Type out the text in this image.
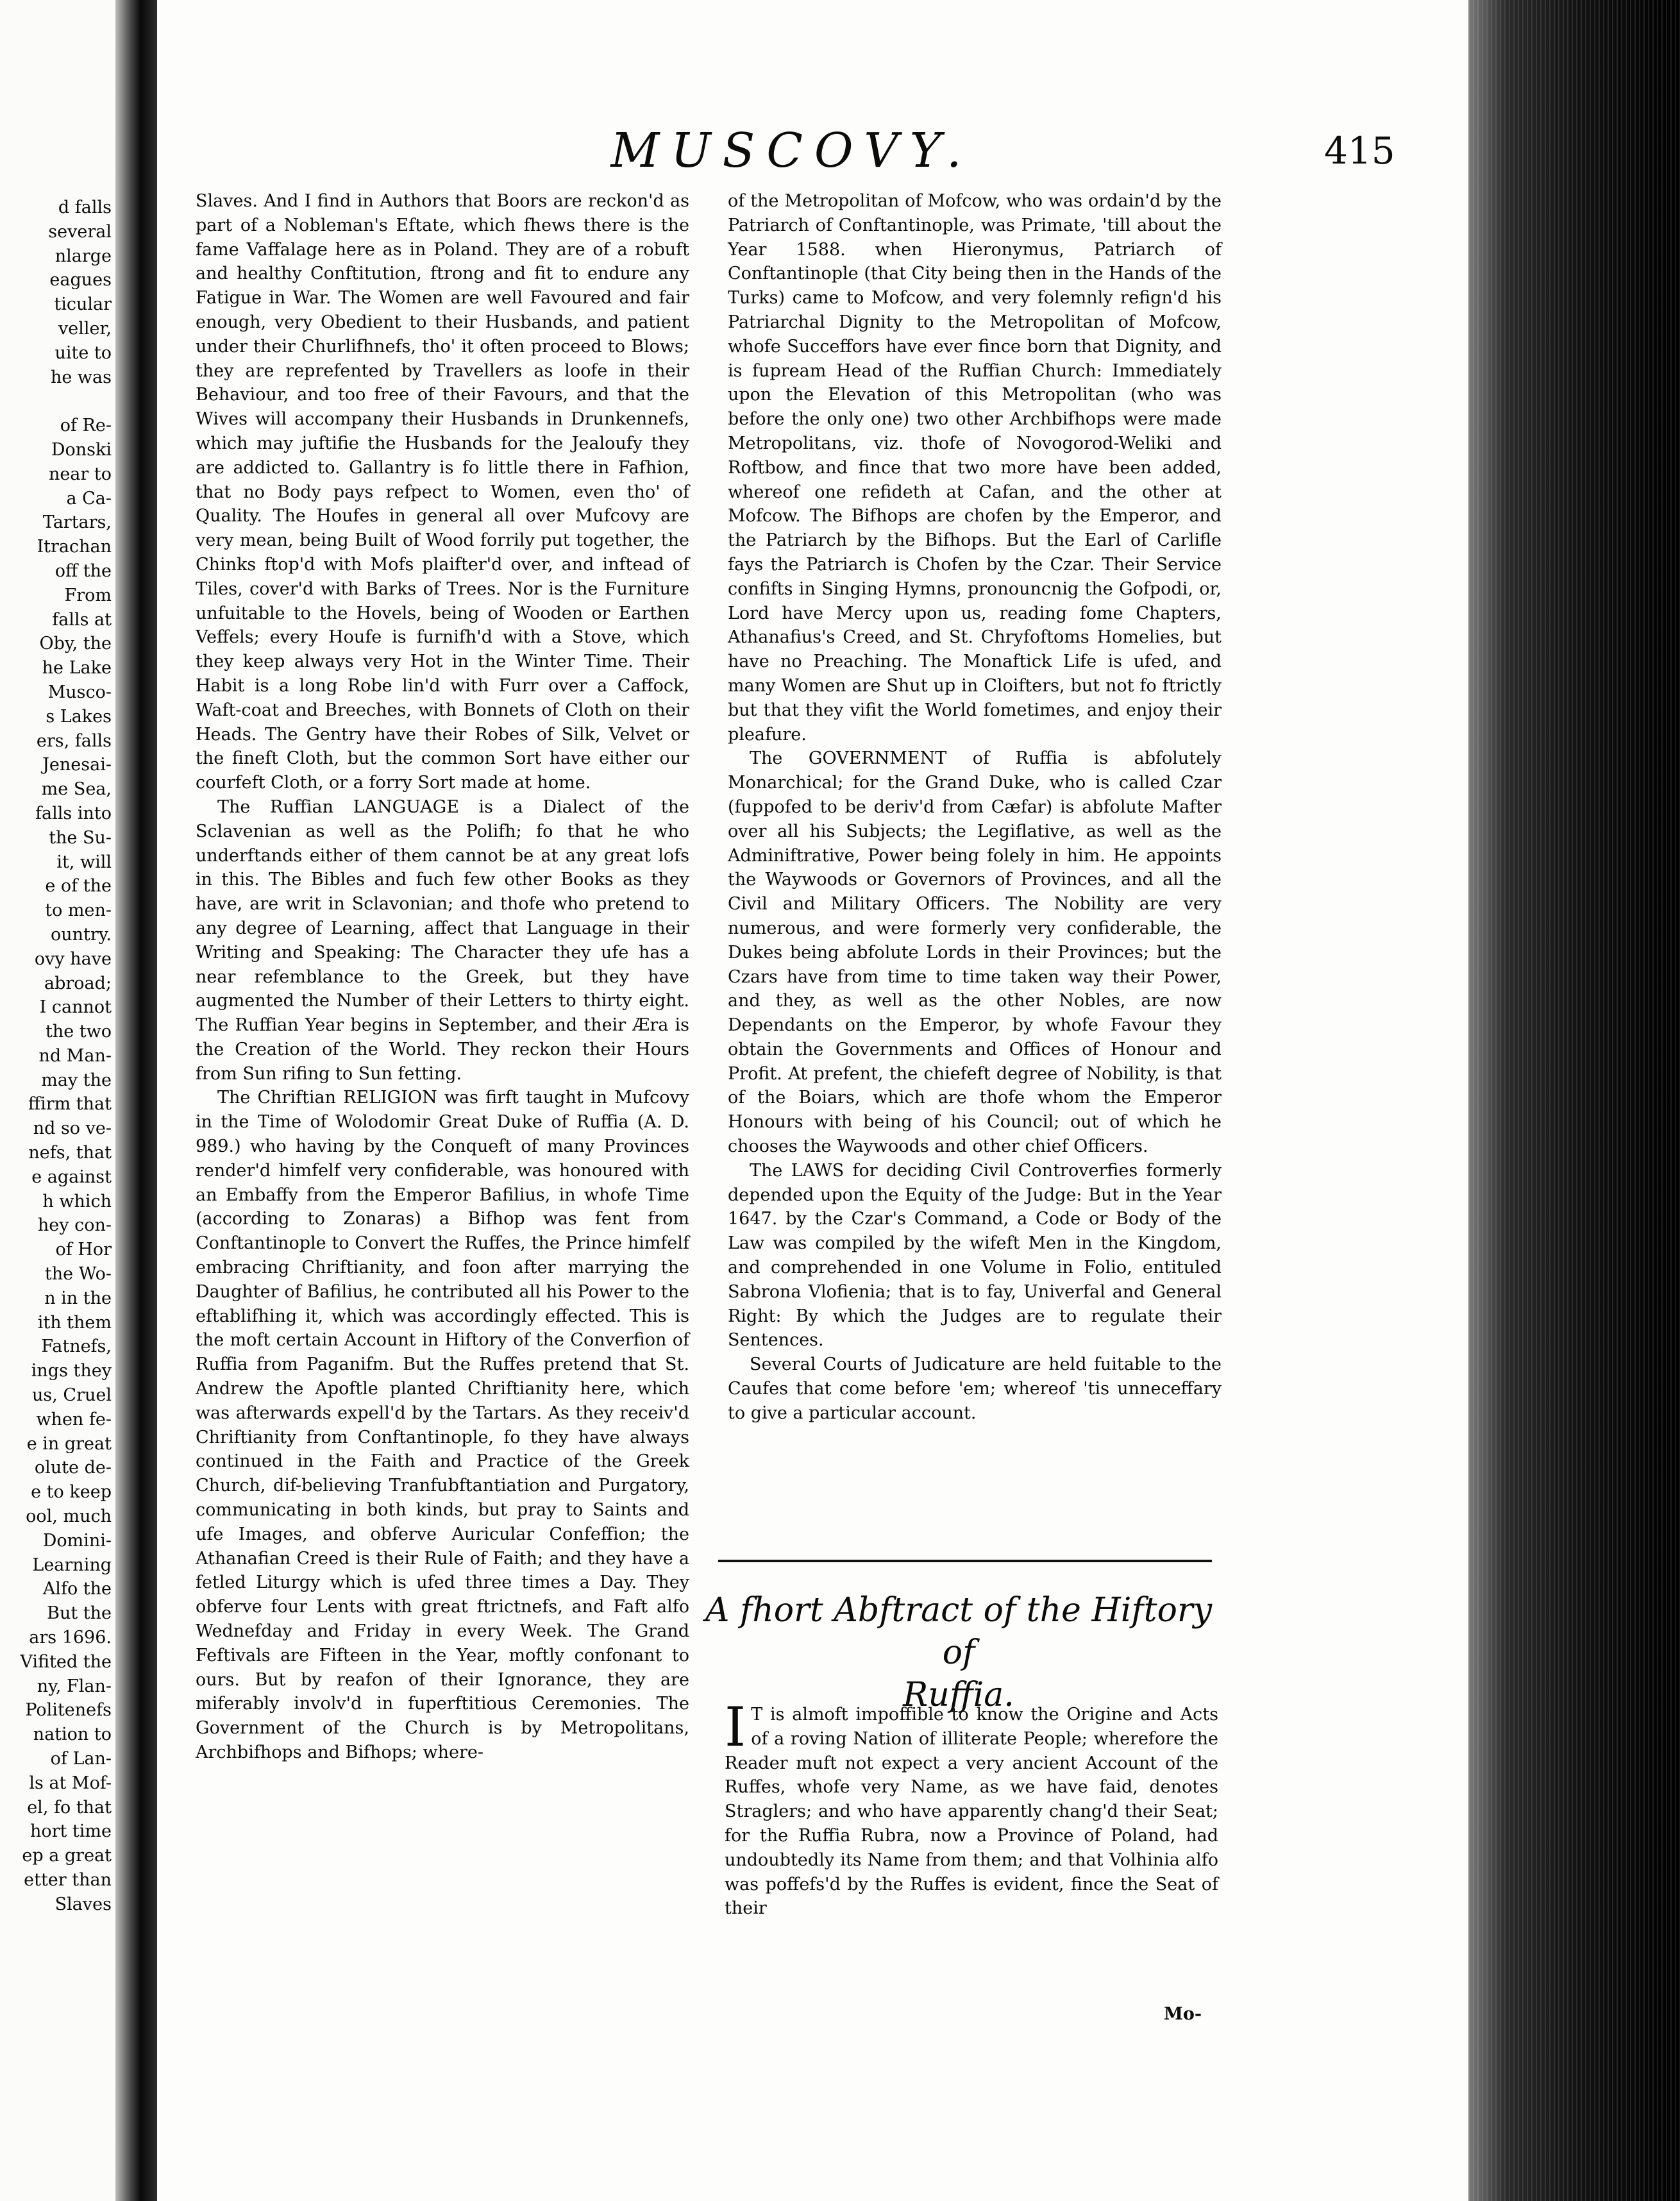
d falls
several
nlarge
eagues
ticular
veller,
uite to
he was

of Re-
Donski
near to
a Ca-
Tartars,
Itrachan
off the
From
falls at
Oby, the
he Lake
Musco-
s Lakes
ers, falls
Jenesai-
me Sea,
falls into
the Su-
it, will
e of the
to men-
ountry.
ovy have
abroad;
I cannot
the two
nd Man-
may the
ffirm that
nd so ve-
nefs, that
e against
h which
hey con-
of Hor
the Wo-
n in the
ith them
Fatnefs,
ings they
us, Cruel
when fe-
e in great
olute de-
e to keep
ool, much
Domini-
Learning
Alfo the
But the
ars 1696.
Vifited the
ny, Flan-
Politenefs
nation to
of Lan-
ls at Mof-
el, fo that
hort time
ep a great
etter than
Slaves
MUSCOVY.	415

Slaves. And I find in Authors that Boors are reckon'd as part of a Nobleman's Eftate, which fhews there is the fame Vaffalage here as in Poland. They are of a robuft and healthy Conftitution, ftrong and fit to endure any Fatigue in War. The Women are well Favoured and fair enough, very Obedient to their Husbands, and patient under their Churlifhnefs, tho' it often proceed to Blows; they are reprefented by Travellers as loofe in their Behaviour, and too free of their Favours, and that the Wives will accompany their Husbands in Drunkennefs, which may juftifie the Husbands for the Jealoufy they are addicted to. Gallantry is fo little there in Fafhion, that no Body pays refpect to Women, even tho' of Quality. The Houfes in general all over Mufcovy are very mean, being Built of Wood forrily put together, the Chinks ftop'd with Mofs plaifter'd over, and inftead of Tiles, cover'd with Barks of Trees. Nor is the Furniture unfuitable to the Hovels, being of Wooden or Earthen Veffels; every Houfe is furnifh'd with a Stove, which they keep always very Hot in the Winter Time. Their Habit is a long Robe lin'd with Furr over a Caffock, Waft-coat and Breeches, with Bonnets of Cloth on their Heads. The Gentry have their Robes of Silk, Velvet or the fineft Cloth, but the common Sort have either our courfeft Cloth, or a forry Sort made at home.

The Ruffian LANGUAGE is a Dialect of the Sclavenian as well as the Polifh; fo that he who underftands either of them cannot be at any great lofs in this. The Bibles and fuch few other Books as they have, are writ in Sclavonian; and thofe who pretend to any degree of Learning, affect that Language in their Writing and Speaking: The Character they ufe has a near refemblance to the Greek, but they have augmented the Number of their Letters to thirty eight. The Ruffian Year begins in September, and their Æra is the Creation of the World. They reckon their Hours from Sun rifing to Sun fetting.

The Chriftian RELIGION was firft taught in Mufcovy in the Time of Wolodomir Great Duke of Ruffia (A. D. 989.) who having by the Conqueft of many Provinces render'd himfelf very confiderable, was honoured with an Embaffy from the Emperor Bafilius, in whofe Time (according to Zonaras) a Bifhop was fent from Conftantinople to Convert the Ruffes, the Prince himfelf embracing Chriftianity, and foon after marrying the Daughter of Bafilius, he contributed all his Power to the eftablifhing it, which was accordingly effected. This is the moft certain Account in Hiftory of the Converfion of Ruffia from Paganifm. But the Ruffes pretend that St. Andrew the Apoftle planted Chriftianity here, which was afterwards expell'd by the Tartars. As they receiv'd Chriftianity from Conftantinople, fo they have always continued in the Faith and Practice of the Greek Church, dif-believing Tranfubftantiation and Purgatory, communicating in both kinds, but pray to Saints and ufe Images, and obferve Auricular Confeffion; the Athanafian Creed is their Rule of Faith; and they have a fetled Liturgy which is ufed three times a Day. They obferve four Lents with great ftrictnefs, and Faft alfo Wednefday and Friday in every Week. The Grand Feftivals are Fifteen in the Year, moftly confonant to ours. But by reafon of their Ignorance, they are miferably involv'd in fuperftitious Ceremonies. The Government of the Church is by Metropolitans, Archbifhops and Bifhops; where-

of the Metropolitan of Mofcow, who was ordain'd by the Patriarch of Conftantinople, was Primate, 'till about the Year 1588. when Hieronymus, Patriarch of Conftantinople (that City being then in the Hands of the Turks) came to Mofcow, and very folemnly refign'd his Patriarchal Dignity to the Metropolitan of Mofcow, whofe Succeffors have ever fince born that Dignity, and is fupream Head of the Ruffian Church: Immediately upon the Elevation of this Metropolitan (who was before the only one) two other Archbifhops were made Metropolitans, viz. thofe of Novogorod-Weliki and Roftbow, and fince that two more have been added, whereof one refideth at Cafan, and the other at Mofcow. The Bifhops are chofen by the Emperor, and the Patriarch by the Bifhops. But the Earl of Carlifle fays the Patriarch is Chofen by the Czar. Their Service confifts in Singing Hymns, pronouncnig the Gofpodi, or, Lord have Mercy upon us, reading fome Chapters, Athanafius's Creed, and St. Chryfoftoms Homelies, but have no Preaching. The Monaftick Life is ufed, and many Women are Shut up in Cloifters, but not fo ftrictly but that they vifit the World fometimes, and enjoy their pleafure.

The GOVERNMENT of Ruffia is abfolutely Monarchical; for the Grand Duke, who is called Czar (fuppofed to be deriv'd from Cæfar) is abfolute Mafter over all his Subjects; the Legiflative, as well as the Adminiftrative, Power being folely in him. He appoints the Waywoods or Governors of Provinces, and all the Civil and Military Officers. The Nobility are very numerous, and were formerly very confiderable, the Dukes being abfolute Lords in their Provinces; but the Czars have from time to time taken way their Power, and they, as well as the other Nobles, are now Dependants on the Emperor, by whofe Favour they obtain the Governments and Offices of Honour and Profit. At prefent, the chiefeft degree of Nobility, is that of the Boiars, which are thofe whom the Emperor Honours with being of his Council; out of which he chooses the Waywoods and other chief Officers.

The LAWS for deciding Civil Controverfies formerly depended upon the Equity of the Judge: But in the Year 1647. by the Czar's Command, a Code or Body of the Law was compiled by the wifeft Men in the Kingdom, and comprehended in one Volume in Folio, entituled Sabrona Vlofienia; that is to fay, Univerfal and General Right: By which the Judges are to regulate their Sentences.

Several Courts of Judicature are held fuitable to the Caufes that come before 'em; whereof 'tis unneceffary to give a particular account.

A fhort Abftract of the Hiftory of
Ruffia.
I T is almoft impoffible to know the Origine and Acts of a roving Nation of illiterate People; wherefore the Reader muft not expect a very ancient Account of the Ruffes, whofe very Name, as we have faid, denotes Straglers; and who have apparently chang'd their Seat; for the Ruffia Rubra, now a Province of Poland, had undoubtedly its Name from them; and that Volhinia alfo was poffefs'd by the Ruffes is evident, fince the Seat of their
Mo-
